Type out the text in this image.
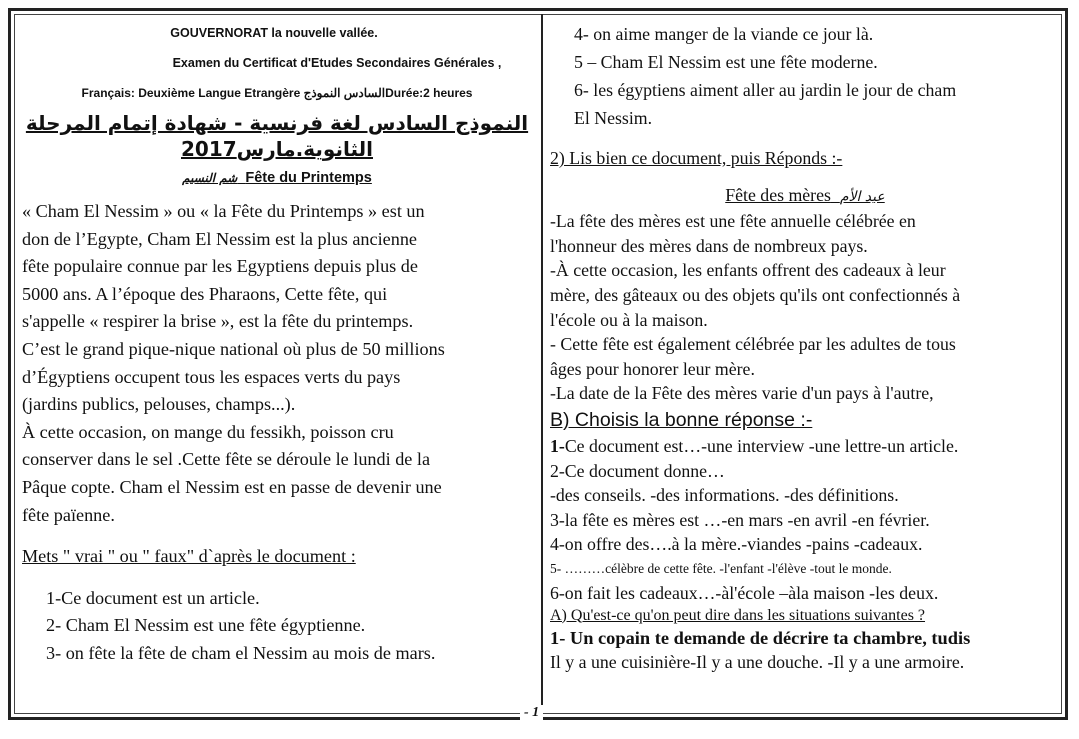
GOUVERNORAT la nouvelle vallée.
Examen du Certificat d'Etudes Secondaires Générales ,
Français: Deuxième Langue Etrangère السادس النموذجDurée:2 heures
النموذج السادس لغة فرنسية - شهادة إتمام المرحلة
الثانوية.مارس2017
شم النسيم Fête du Printemps

« Cham El Nessim » ou « la Fête du Printemps » est un

don de l’Egypte, Cham El Nessim est la plus ancienne

fête populaire connue par les Egyptiens depuis plus de

5000 ans. A l’époque des Pharaons, Cette fête, qui

s'appelle « respirer la brise », est la fête du printemps.

C’est le grand pique-nique national où plus de 50 millions

d’Égyptiens occupent tous les espaces verts du pays

(jardins publics, pelouses, champs...).

À cette occasion, on mange du fessikh, poisson cru

conserver dans le sel .Cette fête se déroule le lundi de la

Pâque copte. Cham el Nessim est en passe de devenir une

fête païenne.

Mets " vrai " ou " faux" d`après le document :

1-Ce document est un article.

2- Cham El Nessim est une fête égyptienne.

3- on fête la fête de cham el Nessim au mois de mars.

4- on aime manger de la viande ce jour là.

5 – Cham El Nessim est une fête moderne.

6- les égyptiens aiment aller au jardin le jour de cham

El Nessim.

2) Lis bien ce document, puis Réponds :-

Fête des mères عيد الأم

-La fête des mères est une fête annuelle célébrée en

l'honneur des mères dans de nombreux pays.

-À cette occasion, les enfants offrent des cadeaux à leur

mère, des gâteaux ou des objets qu'ils ont confectionnés à

l'école ou à la maison.

- Cette fête est également célébrée par les adultes de tous

âges pour honorer leur mère.

-La date de la Fête des mères varie d'un pays à l'autre,

B) Choisis la bonne réponse :-

1-Ce document est…-une interview -une lettre-un article.

2-Ce document donne…

-des conseils. -des informations. -des définitions.

3-la fête es mères est …-en mars -en avril -en février.

4-on offre des….à la mère.-viandes -pains -cadeaux.

5- ………célèbre de cette fête. -l'enfant -l'élève -tout le monde.

6-on fait les cadeaux…-àl'école –àla maison -les deux.

A) Qu'est-ce qu'on peut dire dans les situations suivantes ?

1- Un copain te demande de décrire ta chambre, tudis

Il y a une cuisinière-Il y a une douche. -Il y a une armoire.

- 1
